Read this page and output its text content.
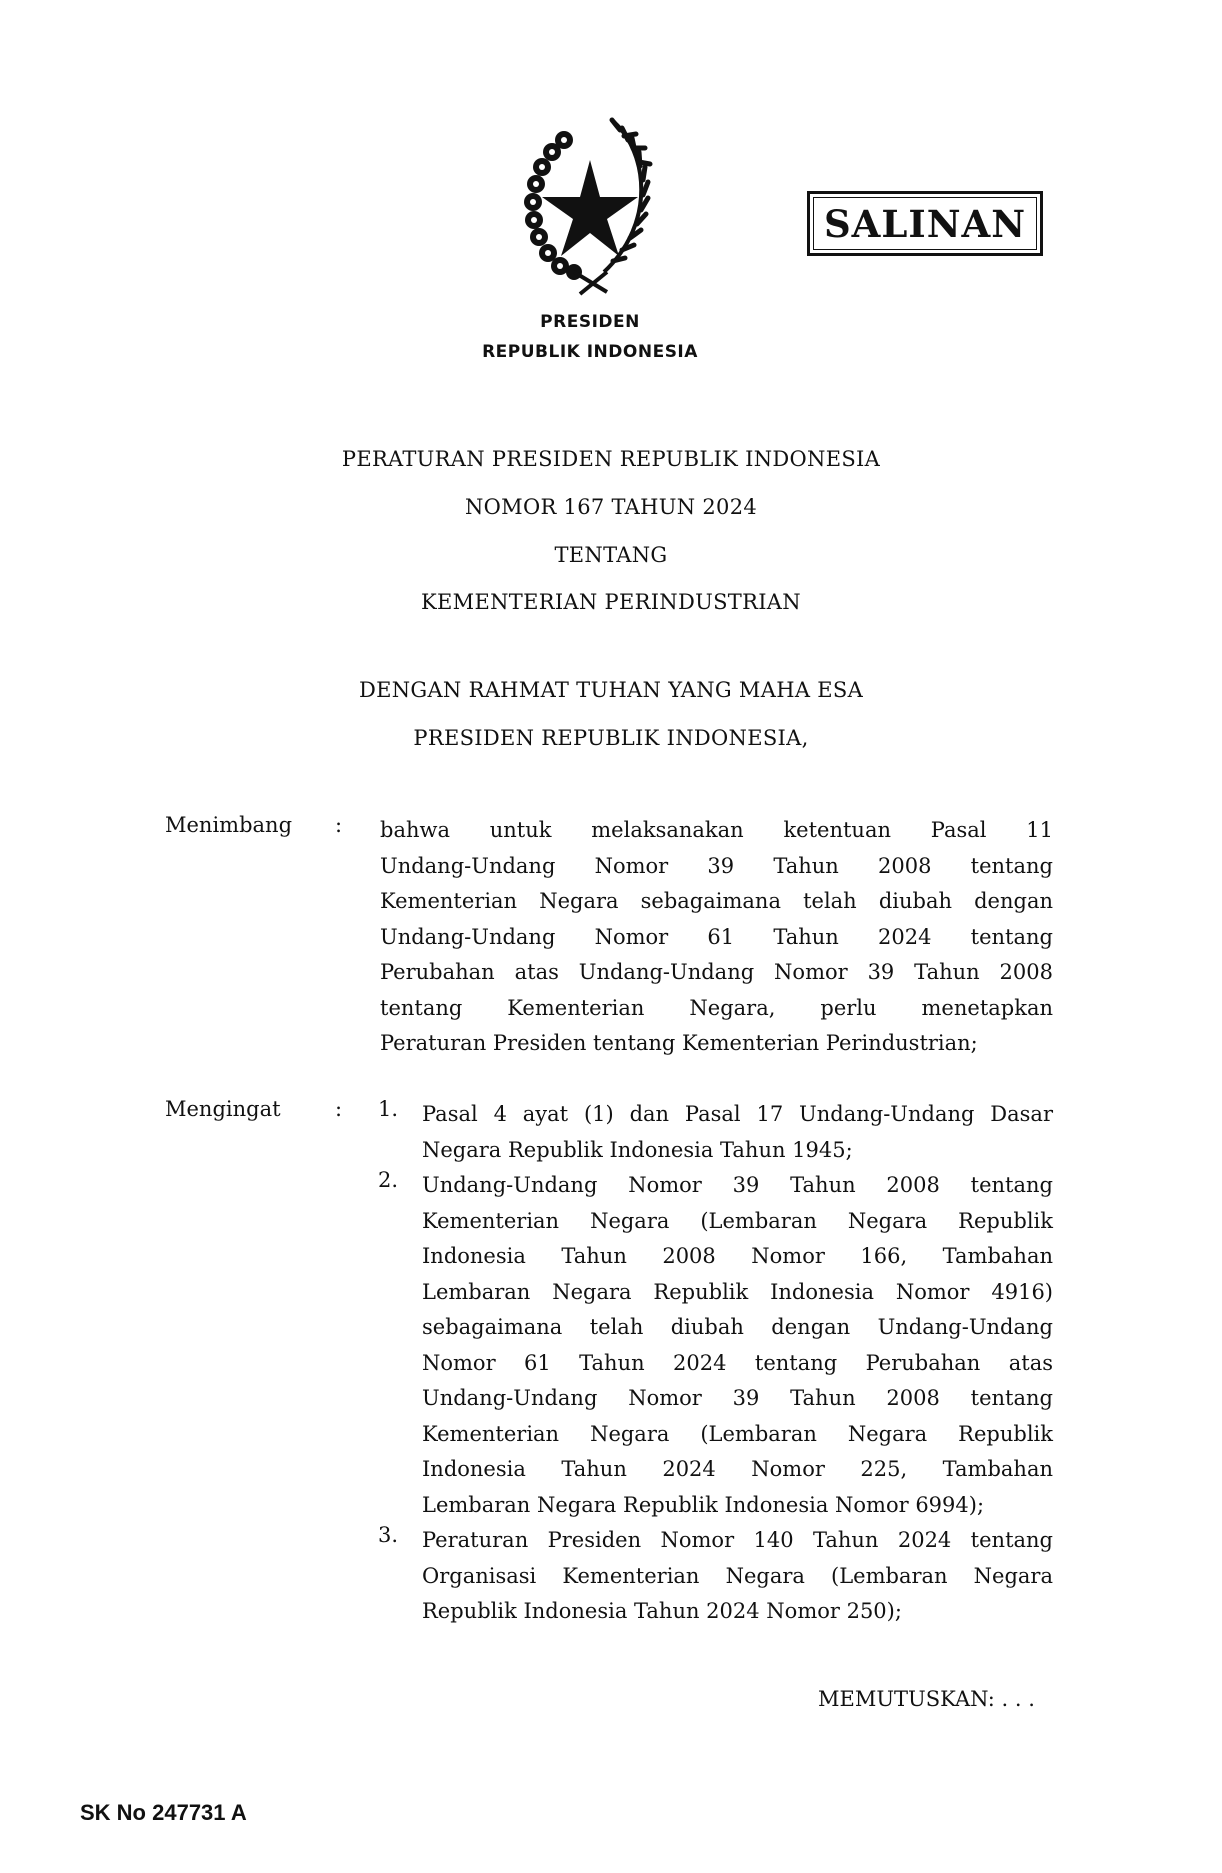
SALINAN
PRESIDEN
REPUBLIK INDONESIA
PERATURAN PRESIDEN REPUBLIK INDONESIA
NOMOR 167 TAHUN 2024
TENTANG
KEMENTERIAN PERINDUSTRIAN
DENGAN RAHMAT TUHAN YANG MAHA ESA
PRESIDEN REPUBLIK INDONESIA,
Menimbang : bahwa untuk melaksanakan ketentuan Pasal 11
Undang-Undang Nomor 39 Tahun 2008 tentang
Kementerian Negara sebagaimana telah diubah dengan
Undang-Undang Nomor 61 Tahun 2024 tentang
Perubahan atas Undang-Undang Nomor 39 Tahun 2008
tentang Kementerian Negara, perlu menetapkan
Peraturan Presiden tentang Kementerian Perindustrian;
Mengingat	: 1. Pasal 4 ayat (1) dan Pasal 17 Undang-Undang Dasar
Negara Republik Indonesia Tahun 1945;
2. Undang-Undang Nomor 39 Tahun 2008 tentang
Kementerian Negara (Lembaran Negara Republik
Indonesia Tahun 2008 Nomor 166, Tambahan
Lembaran Negara Republik Indonesia Nomor 4916)
sebagaimana telah diubah dengan Undang-Undang
Nomor 61 Tahun 2024 tentang Perubahan atas
Undang-Undang Nomor 39 Tahun 2008 tentang
Kementerian Negara (Lembaran Negara Republik
Indonesia Tahun 2024 Nomor 225, Tambahan
Lembaran Negara Republik Indonesia Nomor 6994);
3. Peraturan Presiden Nomor 140 Tahun 2024 tentang
Organisasi Kementerian Negara (Lembaran Negara
Republik Indonesia Tahun 2024 Nomor 250);
MEMUTUSKAN: . . .
SK No 247731 A
